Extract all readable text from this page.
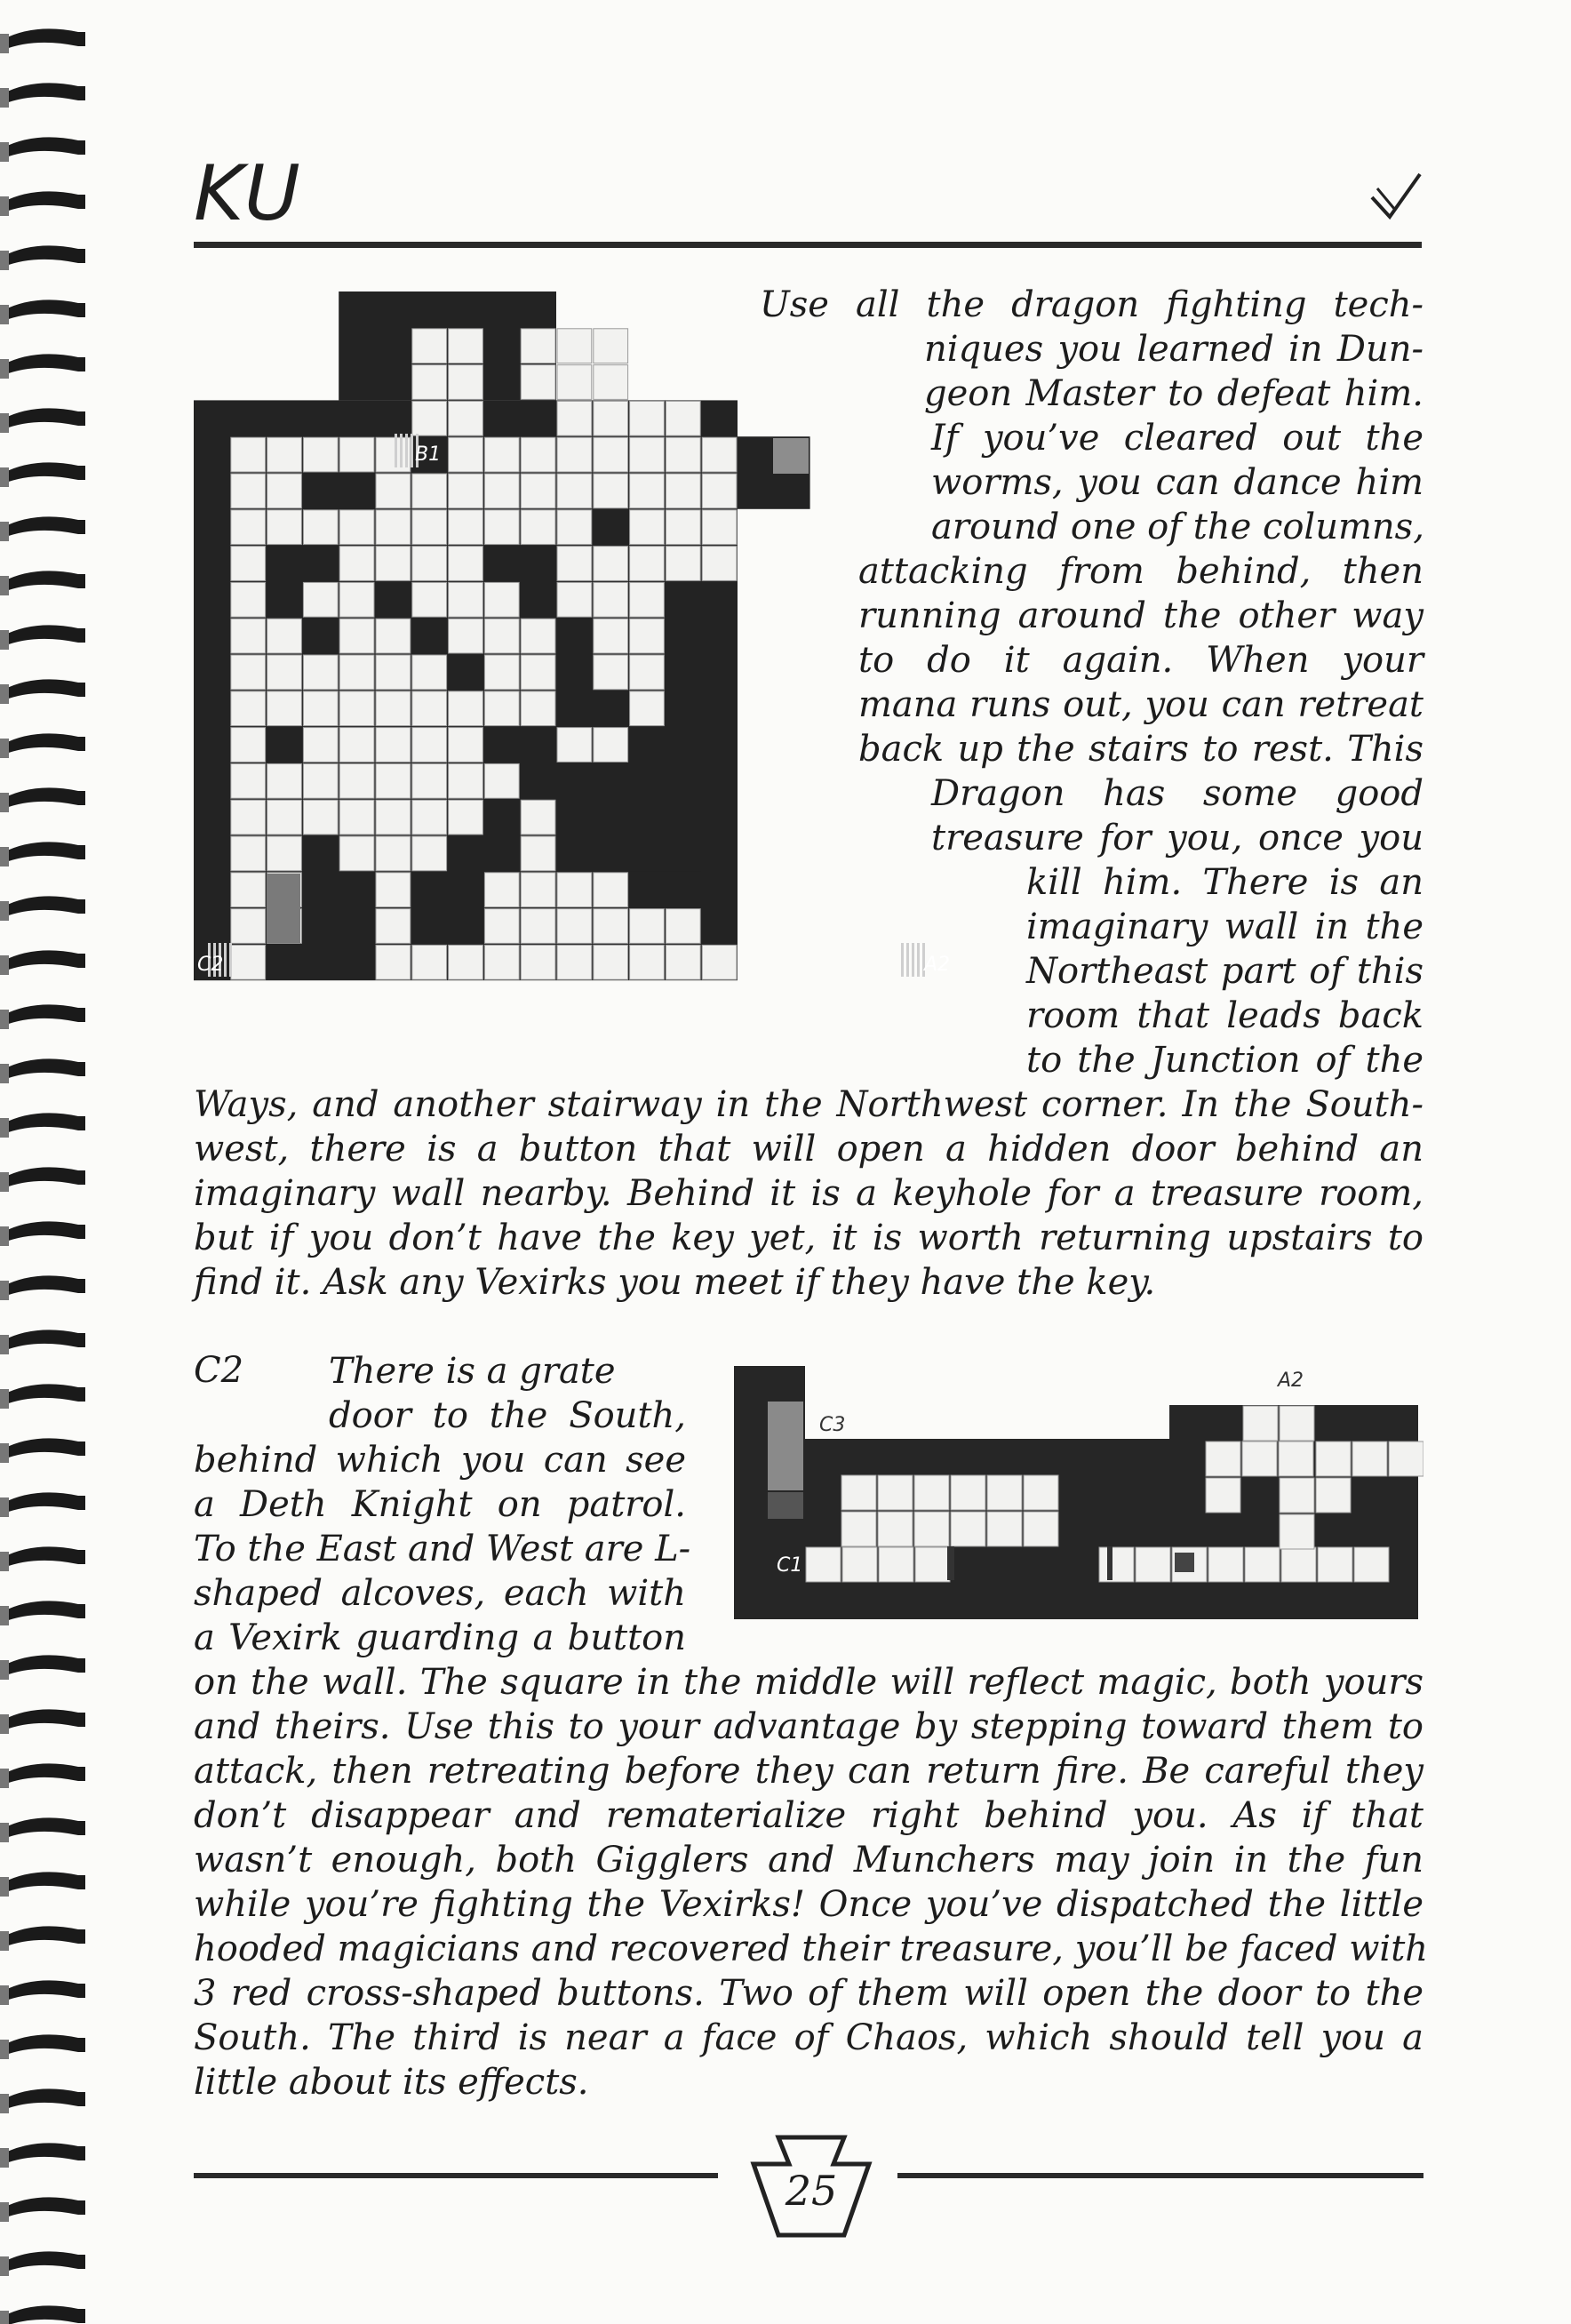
KU
B1
C2	A2
Use all the dragon fighting tech-
niques you learned in Dun-
geon Master to defeat him.
If you’ve cleared out the
worms, you can dance him
around one of the columns,
attacking from behind, then
running around the other way
to do it again. When your
mana runs out, you can retreat
back up the stairs to rest. This
Dragon has some good
treasure for you, once you
kill him. There is an
imaginary wall in the
Northeast part of this
room that leads back
to the Junction of the
Ways, and another stairway in the Northwest corner. In the South-
west, there is a button that will open a hidden door behind an
imaginary wall nearby. Behind it is a keyhole for a treasure room,
but if you don’t have the key yet, it is worth returning upstairs to
find it. Ask any Vexirks you meet if they have the key.
C2	A2
C3
C1
There is a grate
door to the South,
behind which you can see
a Deth Knight on patrol.
To the East and West are L-
shaped alcoves, each with
a Vexirk guarding a button
on the wall. The square in the middle will reflect magic, both yours
and theirs. Use this to your advantage by stepping toward them to
attack, then retreating before they can return fire. Be careful they
don’t disappear and rematerialize right behind you. As if that
wasn’t enough, both Gigglers and Munchers may join in the fun
while you’re fighting the Vexirks! Once you’ve dispatched the little
hooded magicians and recovered their treasure, you’ll be faced with
3 red cross-shaped buttons. Two of them will open the door to the
South. The third is near a face of Chaos, which should tell you a
little about its effects.
25
